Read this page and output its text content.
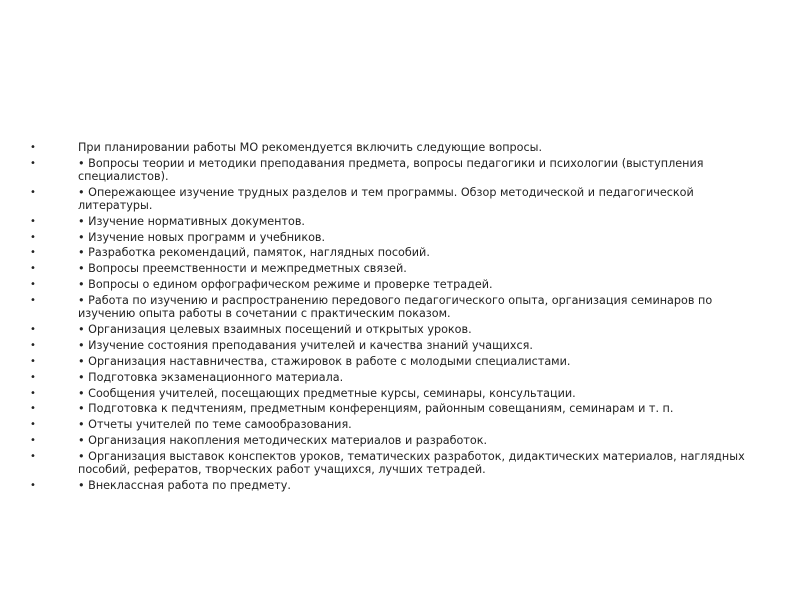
•	При планировании работы МО рекомендуется включить следующие вопросы.
•	• Вопросы теории и методики преподавания предмета, вопросы педагогики и психологии (выступления специалистов).
•	• Опережающее изучение трудных разделов и тем программы. Обзор методической и педагогической литературы.
•	• Изучение нормативных документов.
•	• Изучение новых программ и учебников.
•	• Разработка рекомендаций, памяток, наглядных пособий.
•	• Вопросы преемственности и межпредметных связей.
•	• Вопросы о едином орфографическом режиме и проверке тетрадей.
•	• Работа по изучению и распространению передового педагогического опыта, организация семинаров по изучению опыта работы в сочетании с практическим показом.
•	• Организация целевых взаимных посещений и открытых уроков.
•	• Изучение состояния преподавания учителей и качества знаний учащихся.
•	• Организация наставничества, стажировок в работе с молодыми специалистами.
•	• Подготовка экзаменационного материала.
•	• Сообщения учителей, посещающих предметные курсы, семинары, консультации.
•	• Подготовка к педчтениям, предметным конференциям, районным совещаниям, семинарам и т. п.
•	• Отчеты учителей по теме самообразования.
•	• Организация накопления методических материалов и разработок.
•	• Организация выставок конспектов уроков, тематических разработок, дидактических материалов, наглядных пособий, рефератов, творческих работ учащихся, лучших тетрадей.
•	• Внеклассная работа по предмету.
